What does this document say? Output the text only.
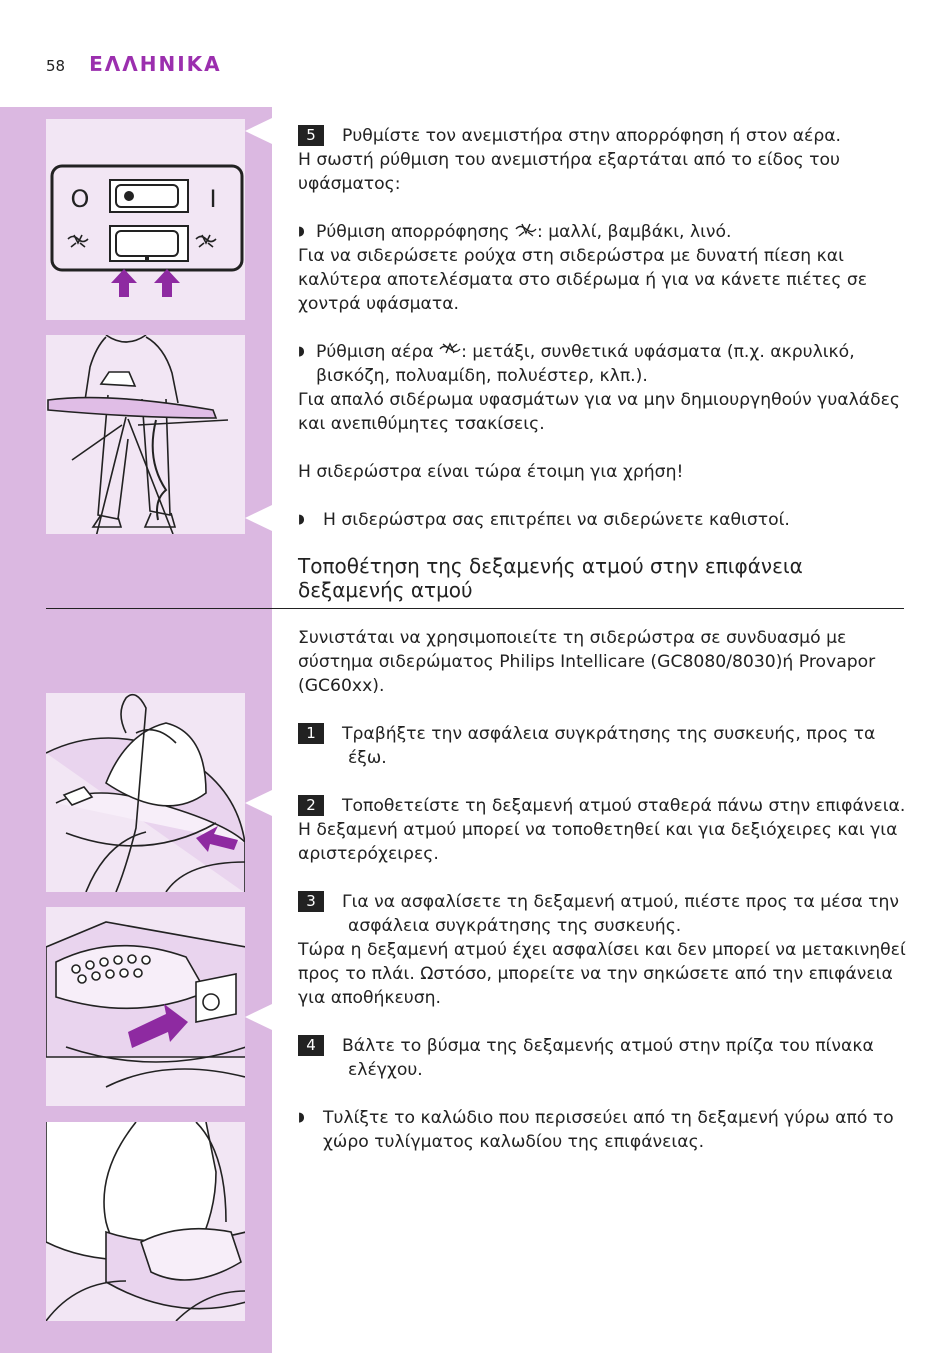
58 ΕΛΛΗΝΙΚΑ
O	I

5 Ρυθμίστε τον ανεμιστήρα στην απορρόφηση ή στον αέρα.

Η σωστή ρύθμιση του ανεμιστήρα εξαρτάται από το είδος του υφάσματος:

◗ Ρύθμιση απορρόφησης : μαλλί, βαμβάκι, λινό.

Για να σιδερώσετε ρούχα στη σιδερώστρα με δυνατή πίεση και καλύτερα αποτελέσματα στο σιδέρωμα ή για να κάνετε πιέτες σε χοντρά υφάσματα.

◗ Ρύθμιση αέρα : μετάξι, συνθετικά υφάσματα (π.χ. ακρυλικό, βισκόζη, πολυαμίδη, πολυέστερ, κλπ.).

Για απαλό σιδέρωμα υφασμάτων για να μην δημιουργηθούν γυαλάδες και ανεπιθύμητες τσακίσεις.

Η σιδερώστρα είναι τώρα έτοιμη για χρήση!

◗ Η σιδερώστρα σας επιτρέπει να σιδερώνετε καθιστοί.

Τοποθέτηση της δεξαμενής ατμού στην επιφάνεια δεξαμενής ατμού

Συνιστάται να χρησιμοποιείτε τη σιδερώστρα σε συνδυασμό με σύστημα σιδερώματος Philips Intellicare (GC8080/8030)ή Provapor (GC60xx).

1 Τραβήξτε την ασφάλεια συγκράτησης της συσκευής, προς τα έξω.

2 Τοποθετείστε τη δεξαμενή ατμού σταθερά πάνω στην επιφάνεια.

Η δεξαμενή ατμού μπορεί να τοποθετηθεί και για δεξιόχειρες και για αριστερόχειρες.

3 Για να ασφαλίσετε τη δεξαμενή ατμού, πιέστε προς τα μέσα την ασφάλεια συγκράτησης της συσκευής.

Τώρα η δεξαμενή ατμού έχει ασφαλίσει και δεν μπορεί να μετακινηθεί προς το πλάι. Ωστόσο, μπορείτε να την σηκώσετε από την επιφάνεια για αποθήκευση.

4 Βάλτε το βύσμα της δεξαμενής ατμού στην πρίζα του πίνακα ελέγχου.

◗ Τυλίξτε το καλώδιο που περισσεύει από τη δεξαμενή γύρω από το χώρο τυλίγματος καλωδίου της επιφάνειας.
